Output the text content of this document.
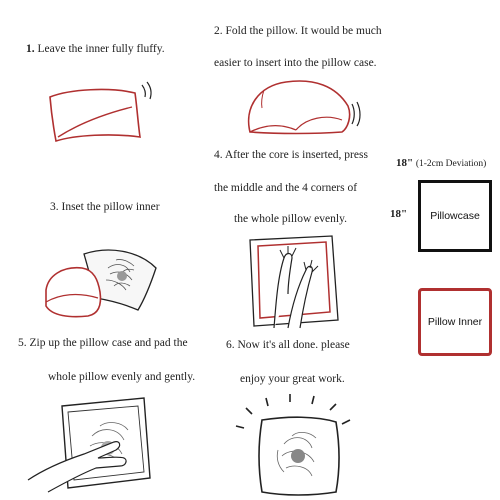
1. Leave the inner fully fluffy.
2. Fold the pillow. It would be much
easier to insert into the pillow case.
3. Inset the pillow inner
4. After the core is inserted, press
the middle and the 4 corners of
the whole pillow evenly.
5. Zip up the pillow case and pad the
whole pillow evenly and gently.
6. Now it's all done. please
enjoy your great work.
18" (1-2cm Deviation)
18" Pillowcase
Pillow Inner
